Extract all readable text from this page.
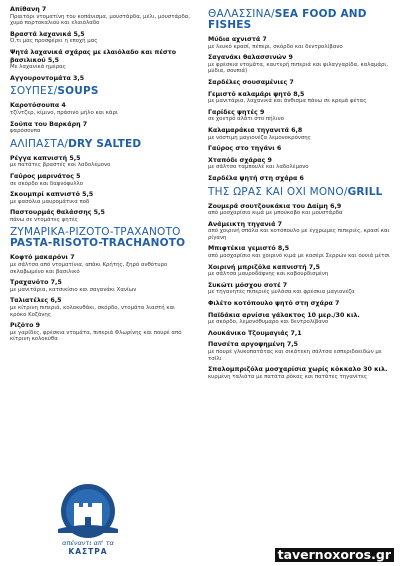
Απίθανη 7
Πραιτόρι ντοματίνη του κοπάνισμα, μουστάρδα, μέλι, μουστάρδα, χυμό πορτοκαλιού και ελαιόλαδο
Βραστά λαχανικά 5,5
Ό,τι μας προσφέρει η εποχή μας
Ψητά λαχανικά σχάρας με ελαιόλαδο και πέστο βασιλικού 5,5
Με λαχανικά ημέρας
Αγγουροντομάτα 3,5
ΣΟΥΠΕΣ/SOUPS
Καροτόσουπα 4
τζίντζερ, κίμινο, πράσινο μήλο και κάρι
Σούπα του Βαρκάρη 7
ψαρόσουπα
ΑΛΙΠΑΣΤΑ/DRY SALTED
Ρέγγα καπνιστή 5,5
με πατάτες βραστές και λαδολέμονο
Γαύρος μαρινάτος 5
σε σκόρδο και δαφνόφυλλο
Σκουμπρί καπνιστό 5,5
με φασόλια μαυρομάτικα ποδ
Παστουρμάς θαλάσσης 5,5
πάνω σε ντομάτες ψητές
ΖΥΜΑΡΙΚΑ-ΡΙΖΟΤΟ-ΤΡΑΧΑΝΟΤΟ
PASTA-RISOTO-TRACHANOTO
Κοφτό μακαρόνι 7
με σάλτσα από ντοματίνια, απάκι Κρήτης, ξηρό ανθότυρο σκλαβωμένο και βασιλικό
Τραχανότο 7,5
με μανιτάρια, κατσικίσιο και σαγανάκι Χανίων
Ταλιατέλες 6,5
με κίτρινη πιπεριά, κολοκυθάκι, σκόρδο, ντομάτα λιαστή και κρόκο Κοζάνης
Ριζότο 9
με γαρίδες, φρέσκια ντομάτα, πιπεριά Φλωρίνης και πουρέ από κίτρινη κολοκύθα
απέναντι απ' τα
ΚΑΣΤΡΑ
ΘΑΛΑΣΣΙΝΑ/SEA FOOD AND FISHES
Μύδια αχνιστά 7
με λευκό κρασί, πέπερι, σκόρδο και δεντρολίβανο
Σαγανάκι θαλασσινών 9
με φρέσκια ντομάτα, καυτερή πιπεριά και φιλαγγαρίδα, καλαμάρι, μύδια, σουπιά)
Σαρδέλες σουσαμένιες 7
Γεμιστό καλαμάρι ψητό 8,5
με μανιτάρια, λαχανικά και άνθισμα πάνω σε κρεμά φέτας
Γαρίδες ψητές 9
σε χοντρό αλάτι στο πήλινο
Καλαμαράκια τηγανιτά 6,8
με νόστιμη μαγιονέζα λεμονοκρόνσης
Γαύρος στο τηγάνι 6
Χταπόδι σχάρας 9
με σάλτσα ταμπουλέ και λαδολέμονο
Σαρδέλα ψητή στη σχάρα 6
ΤΗΣ ΩΡΑΣ ΚΑΙ ΟΧΙ ΜΟΝΟ/GRILL
Ζουμερά σουτζουκάκια του Δαίμη 6,9
από μοσχαρίσιο κιμά με μπούκοβο και μουστάρδα
Ανάμεικτη τηγανιά 7
από χοιρινή σπάλα και κοτόπουλο με έγχρωμες πιπεριές, κρασί και ρίγανη
Μπιφτέκια γεμιστό 8,5
από μοσχαρίσιο και χοιρινό κιμά με κασέρι Σερρών και ουνιά μέτσι
Χοιρινή μπριζόλα καπνιστή 7,5
με σάλτσα μαυροδάφνης και καβουρδισμένη
Συκώτι μόσχου σοτέ 7
με τηγανητές πιπεριές μυλάσα και φρέσκια μαγιονέζα
Φιλέτο κοτόπουλο ψητό στη σχάρα 7
Παϊδάκια αρνίσια γάλακτος 10 μερ./30 κιλ.
με σκόρδο, λεμονόθυμαρο και δεντρολίβανο
Λουκάνικο Τζουμαγιάς 7,1
Πανσέτα αργοψημένη 7,5
με πουρέ γλυκοπατάτας και σικάτεκη σάλτσα εσπεριδοειδών με τσίλι
Σπαλομπριζόλα μοσχαρίσια χωρίς κόκκαλο 30 κιλ.
κυρμένη ταλιάτα με πατάτα ρόκας και πατάτες τηγανίτες
tavernoxoros.gr
